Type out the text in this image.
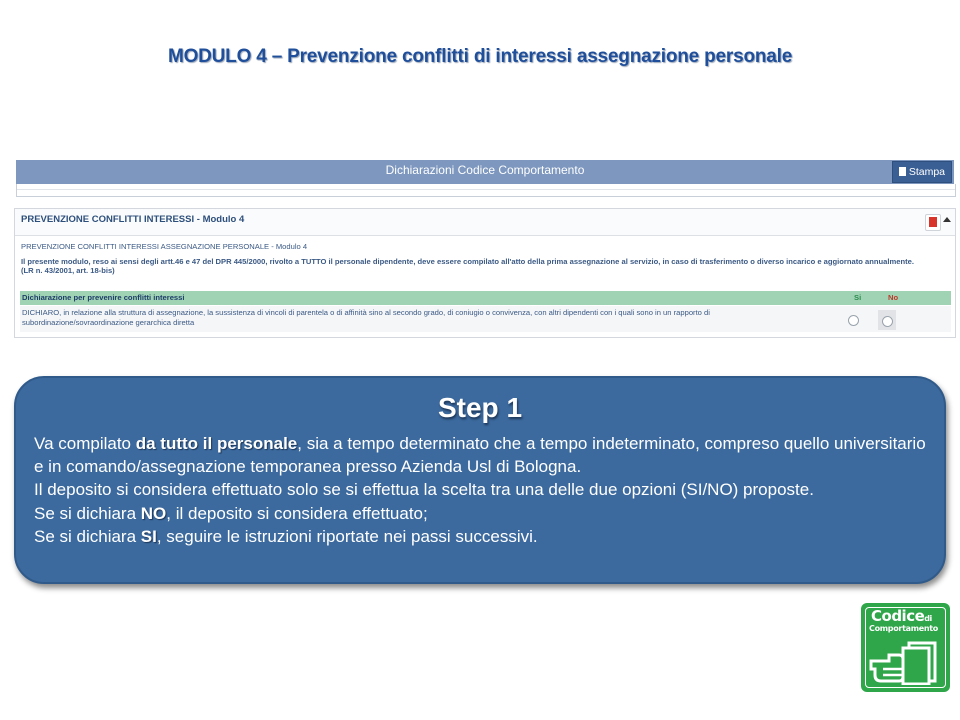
MODULO 4 – Prevenzione conflitti di interessi assegnazione personale
Dichiarazioni Codice Comportamento	Stampa
PREVENZIONE CONFLITTI INTERESSI - Modulo 4
PREVENZIONE CONFLITTI INTERESSI ASSEGNAZIONE PERSONALE - Modulo 4
Il presente modulo, reso ai sensi degli artt.46 e 47 del DPR 445/2000, rivolto a TUTTO il personale dipendente, deve essere compilato all'atto della prima assegnazione al servizio, in caso di trasferimento o diverso incarico e aggiornato annualmente.
(LR n. 43/2001, art. 18-bis)
Dichiarazione per prevenire conflitti interessi	Si	No
DICHIARO, in relazione alla struttura di assegnazione, la sussistenza di vincoli di parentela o di affinità sino al secondo grado, di coniugio o convivenza, con altri dipendenti con i quali sono in un rapporto di subordinazione/sovraordinazione gerarchica diretta
Step 1

Va compilato da tutto il personale, sia a tempo determinato che a tempo indeterminato, compreso quello universitario e in comando/assegnazione temporanea presso Azienda Usl di Bologna.

Il deposito si considera effettuato solo se si effettua la scelta tra una delle due opzioni (SI/NO) proposte.

Se si dichiara NO, il deposito si considera effettuato;

Se si dichiara SI, seguire le istruzioni riportate nei passi successivi.

Codicedi
Comportamento
